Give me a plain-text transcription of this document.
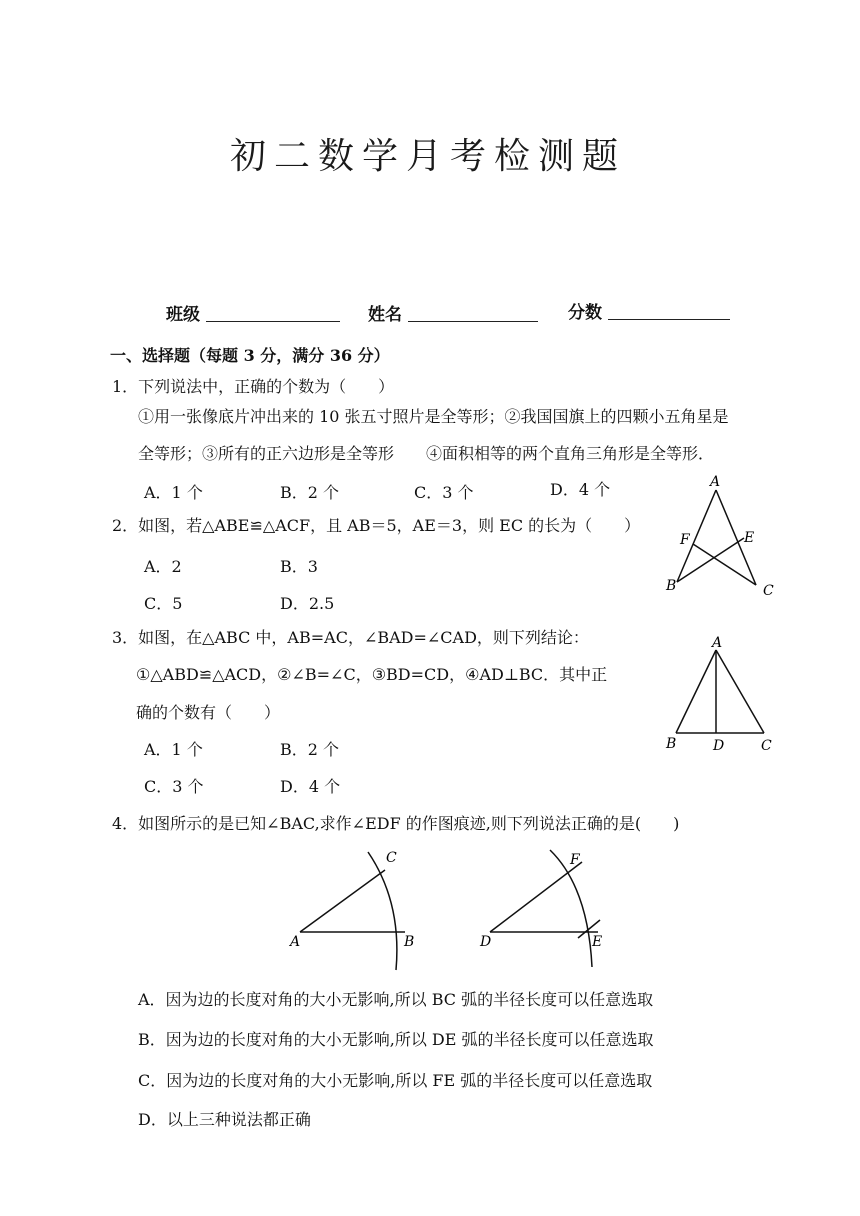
初二数学月考检测题
班级	姓名	分数
一、选择题（每题 3 分，满分 36 分）
1．下列说法中，正确的个数为（　　）
①用一张像底片冲出来的 10 张五寸照片是全等形；②我国国旗上的四颗小五角星是
全等形；③所有的正六边形是全等形　　④面积相等的两个直角三角形是全等形．
A．1 个	B．2 个	C．3 个	D．4 个
2．如图，若△ABE≌△ACF，且 AB＝5，AE＝3，则 EC 的长为（　　）
A．2	B．3
C．5	D．2.5
A
F	E
B	C
3．如图，在△ABC 中，AB=AC，∠BAD=∠CAD，则下列结论：
①△ABD≌△ACD，②∠B=∠C，③BD=CD，④AD⊥BC．其中正
确的个数有（　　）
A．1 个	B．2 个
C．3 个	D．4 个
A
B	D	C
4．如图所示的是已知∠BAC,求作∠EDF 的作图痕迹,则下列说法正确的是(　　)
C
A	B
F
D	E
A．因为边的长度对角的大小无影响,所以 BC 弧的半径长度可以任意选取
B．因为边的长度对角的大小无影响,所以 DE 弧的半径长度可以任意选取
C．因为边的长度对角的大小无影响,所以 FE 弧的半径长度可以任意选取
D．以上三种说法都正确
